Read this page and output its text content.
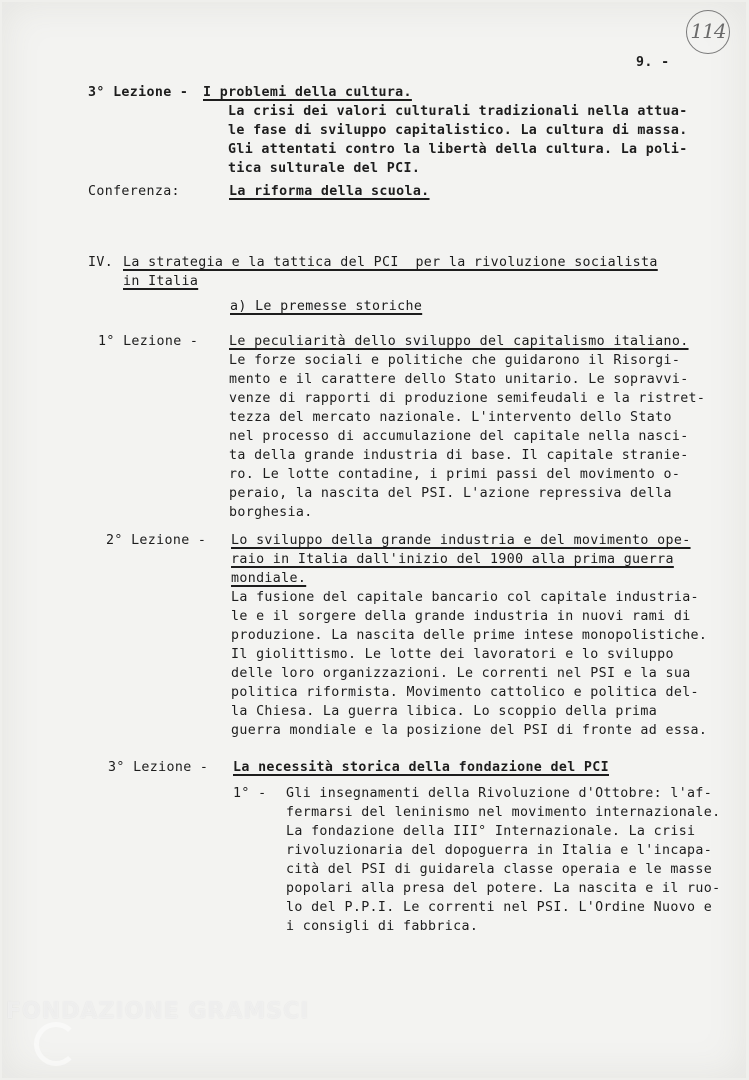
114
9. -
3° Lezione - I problemi della cultura.
La crisi dei valori culturali tradizionali nella attua-
le fase di sviluppo capitalistico. La cultura di massa.
Gli attentati contro la libertà della cultura. La poli-
tica sulturale del PCI.
Conferenza:	La riforma della scuola.
IV. La strategia e la tattica del PCI  per la rivoluzione socialista
in Italia
a) Le premesse storiche
1° Lezione - Le peculiarità dello sviluppo del capitalismo italiano.
Le forze sociali e politiche che guidarono il Risorgi-
mento e il carattere dello Stato unitario. Le sopravvi-
venze di rapporti di produzione semifeudali e la ristret-
tezza del mercato nazionale. L'intervento dello Stato
nel processo di accumulazione del capitale nella nasci-
ta della grande industria di base. Il capitale stranie-
ro. Le lotte contadine, i primi passi del movimento o-
peraio, la nascita del PSI. L'azione repressiva della
borghesia.
2° Lezione - Lo sviluppo della grande industria e del movimento ope-
raio in Italia dall'inizio del 1900 alla prima guerra
mondiale.
La fusione del capitale bancario col capitale industria-
le e il sorgere della grande industria in nuovi rami di
produzione. La nascita delle prime intese monopolistiche.
Il giolittismo. Le lotte dei lavoratori e lo sviluppo
delle loro organizzazioni. Le correnti nel PSI e la sua
politica riformista. Movimento cattolico e politica del-
la Chiesa. La guerra libica. Lo scoppio della prima
guerra mondiale e la posizione del PSI di fronte ad essa.
3° Lezione - La necessità storica della fondazione del PCI
1° - Gli insegnamenti della Rivoluzione d'Ottobre: l'af-
fermarsi del leninismo nel movimento internazionale.
La fondazione della III° Internazionale. La crisi
rivoluzionaria del dopoguerra in Italia e l'incapa-
cità del PSI di guidarela classe operaia e le masse
popolari alla presa del potere. La nascita e il ruo-
lo del P.P.I. Le correnti nel PSI. L'Ordine Nuovo e
i consigli di fabbrica.
FONDAZIONE GRAMSCI
